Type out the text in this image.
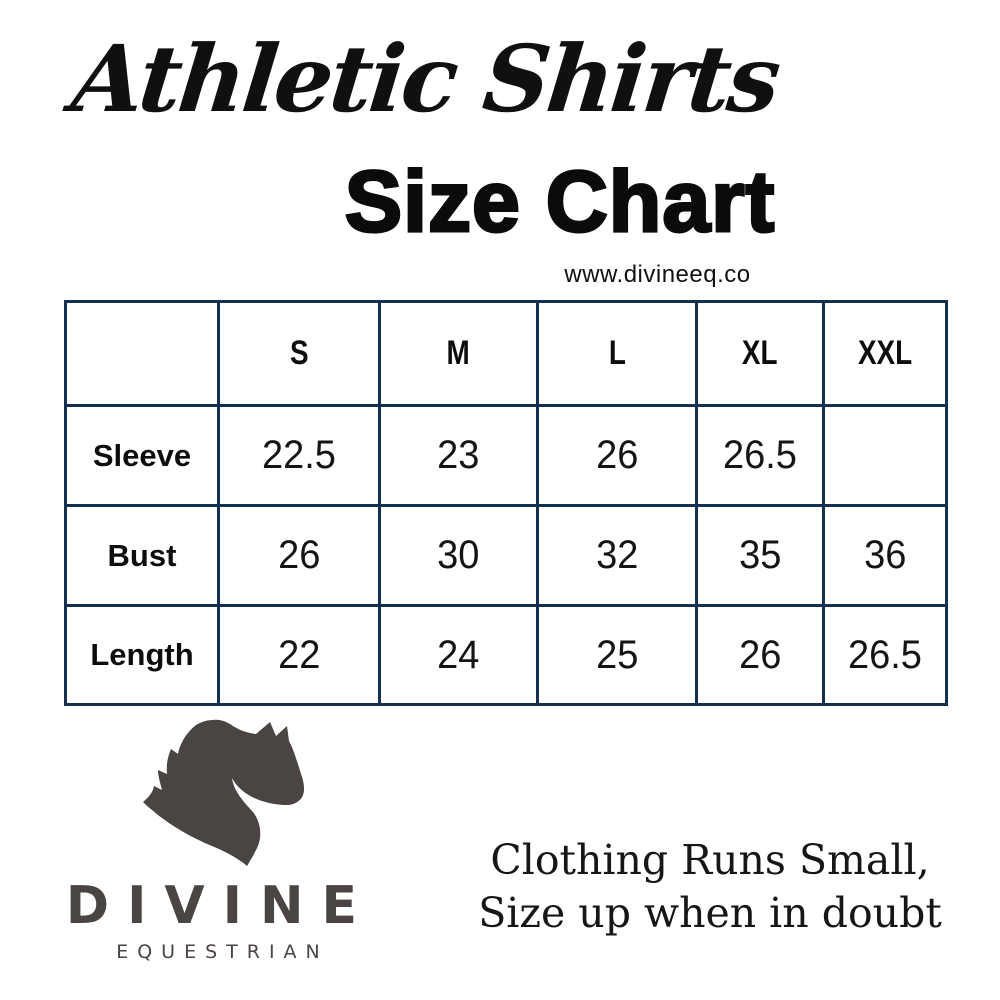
Athletic Shirts
Size Chart
www.divineeq.co
	S	M	L	XL	XXL
Sleeve	22.5	23	26	26.5	
Bust	26	30	32	35	36
Length	22	24	25	26	26.5
DIVINE
EQUESTRIAN
Clothing Runs Small,
Size up when in doubt
